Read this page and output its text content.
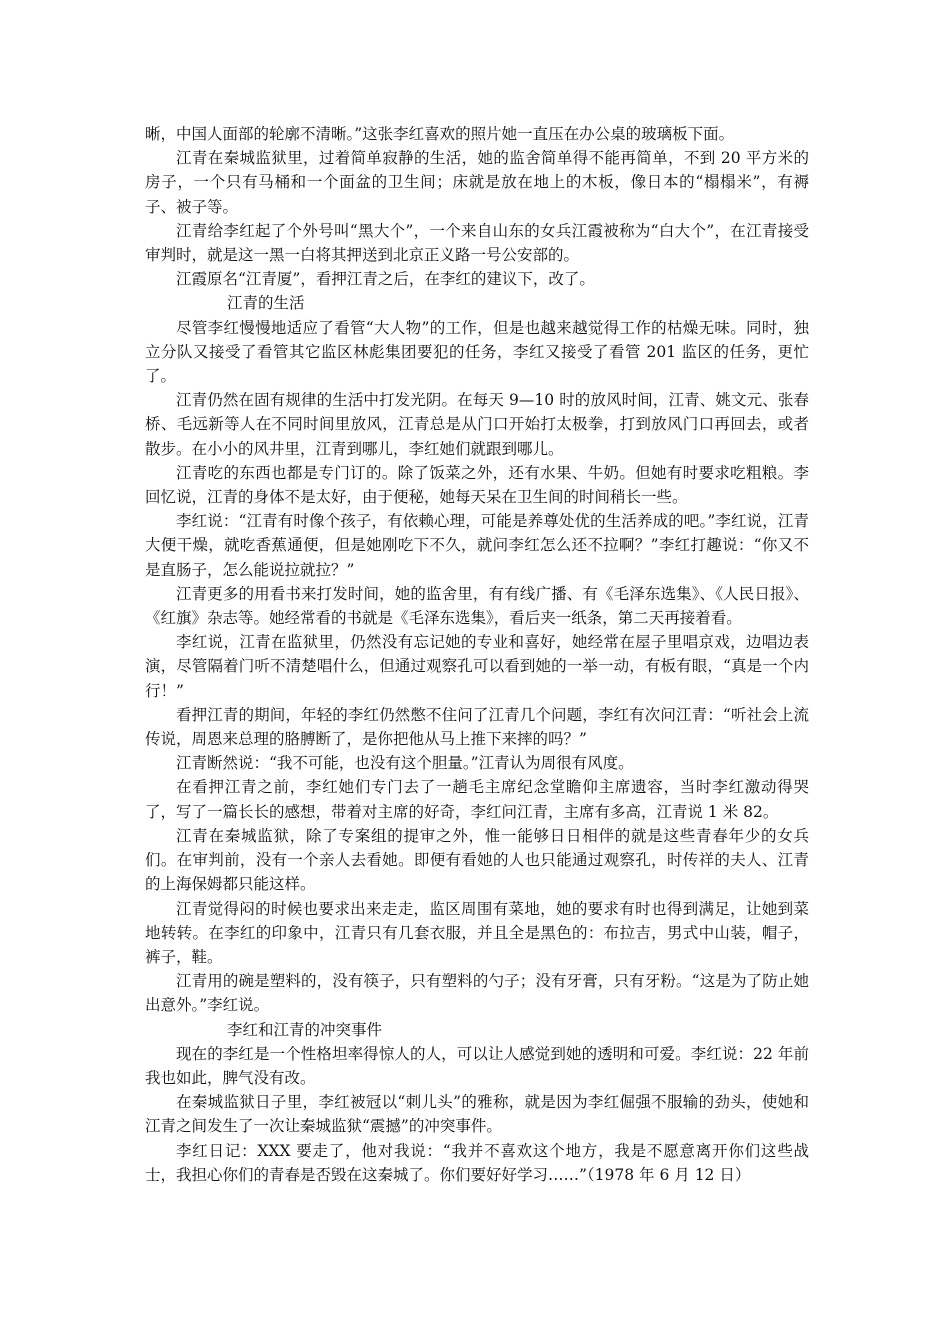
晰，中国人面部的轮廓不清晰。”这张李红喜欢的照片她一直压在办公桌的玻璃板下面。

江青在秦城监狱里，过着简单寂静的生活，她的监舍简单得不能再简单，不到 20 平方米的房子，一个只有马桶和一个面盆的卫生间；床就是放在地上的木板，像日本的“榻榻米”，有褥子、被子等。

江青给李红起了个外号叫“黑大个”，一个来自山东的女兵江霞被称为“白大个”，在江青接受审判时，就是这一黑一白将其押送到北京正义路一号公安部的。

江霞原名“江青厦”，看押江青之后，在李红的建议下，改了。

江青的生活

尽管李红慢慢地适应了看管“大人物”的工作，但是也越来越觉得工作的枯燥无味。同时，独立分队又接受了看管其它监区林彪集团要犯的任务，李红又接受了看管 201 监区的任务，更忙了。

江青仍然在固有规律的生活中打发光阴。在每天 9—10 时的放风时间，江青、姚文元、张春桥、毛远新等人在不同时间里放风，江青总是从门口开始打太极拳，打到放风门口再回去，或者散步。在小小的风井里，江青到哪儿，李红她们就跟到哪儿。

江青吃的东西也都是专门订的。除了饭菜之外，还有水果、牛奶。但她有时要求吃粗粮。李回忆说，江青的身体不是太好，由于便秘，她每天呆在卫生间的时间稍长一些。

李红说：“江青有时像个孩子，有依赖心理，可能是养尊处优的生活养成的吧。”李红说，江青大便干燥，就吃香蕉通便，但是她刚吃下不久，就问李红怎么还不拉啊？”李红打趣说：“你又不是直肠子，怎么能说拉就拉？”

江青更多的用看书来打发时间，她的监舍里，有有线广播、有《毛泽东选集》、《人民日报》、《红旗》杂志等。她经常看的书就是《毛泽东选集》，看后夹一纸条，第二天再接着看。

李红说，江青在监狱里，仍然没有忘记她的专业和喜好，她经常在屋子里唱京戏，边唱边表演，尽管隔着门听不清楚唱什么，但通过观察孔可以看到她的一举一动，有板有眼，“真是一个内行！”

看押江青的期间，年轻的李红仍然憋不住问了江青几个问题，李红有次问江青：“听社会上流传说，周恩来总理的胳膊断了，是你把他从马上推下来摔的吗？”

江青断然说：“我不可能，也没有这个胆量。”江青认为周很有风度。

在看押江青之前，李红她们专门去了一趟毛主席纪念堂瞻仰主席遗容，当时李红激动得哭了，写了一篇长长的感想，带着对主席的好奇，李红问江青，主席有多高，江青说 1 米 82。

江青在秦城监狱，除了专案组的提审之外，惟一能够日日相伴的就是这些青春年少的女兵们。在审判前，没有一个亲人去看她。即便有看她的人也只能通过观察孔，时传祥的夫人、江青的上海保姆都只能这样。

江青觉得闷的时候也要求出来走走，监区周围有菜地，她的要求有时也得到满足，让她到菜地转转。在李红的印象中，江青只有几套衣服，并且全是黑色的：布拉吉，男式中山装，帽子，裤子，鞋。

江青用的碗是塑料的，没有筷子，只有塑料的勺子；没有牙膏，只有牙粉。“这是为了防止她出意外。”李红说。

李红和江青的冲突事件

现在的李红是一个性格坦率得惊人的人，可以让人感觉到她的透明和可爱。李红说：22 年前我也如此，脾气没有改。

在秦城监狱日子里，李红被冠以“刺儿头”的雅称，就是因为李红倔强不服输的劲头，使她和江青之间发生了一次让秦城监狱“震撼”的冲突事件。

李红日记：XXX 要走了，他对我说：“我并不喜欢这个地方，我是不愿意离开你们这些战士，我担心你们的青春是否毁在这秦城了。你们要好好学习……”（1978 年 6 月 12 日）
